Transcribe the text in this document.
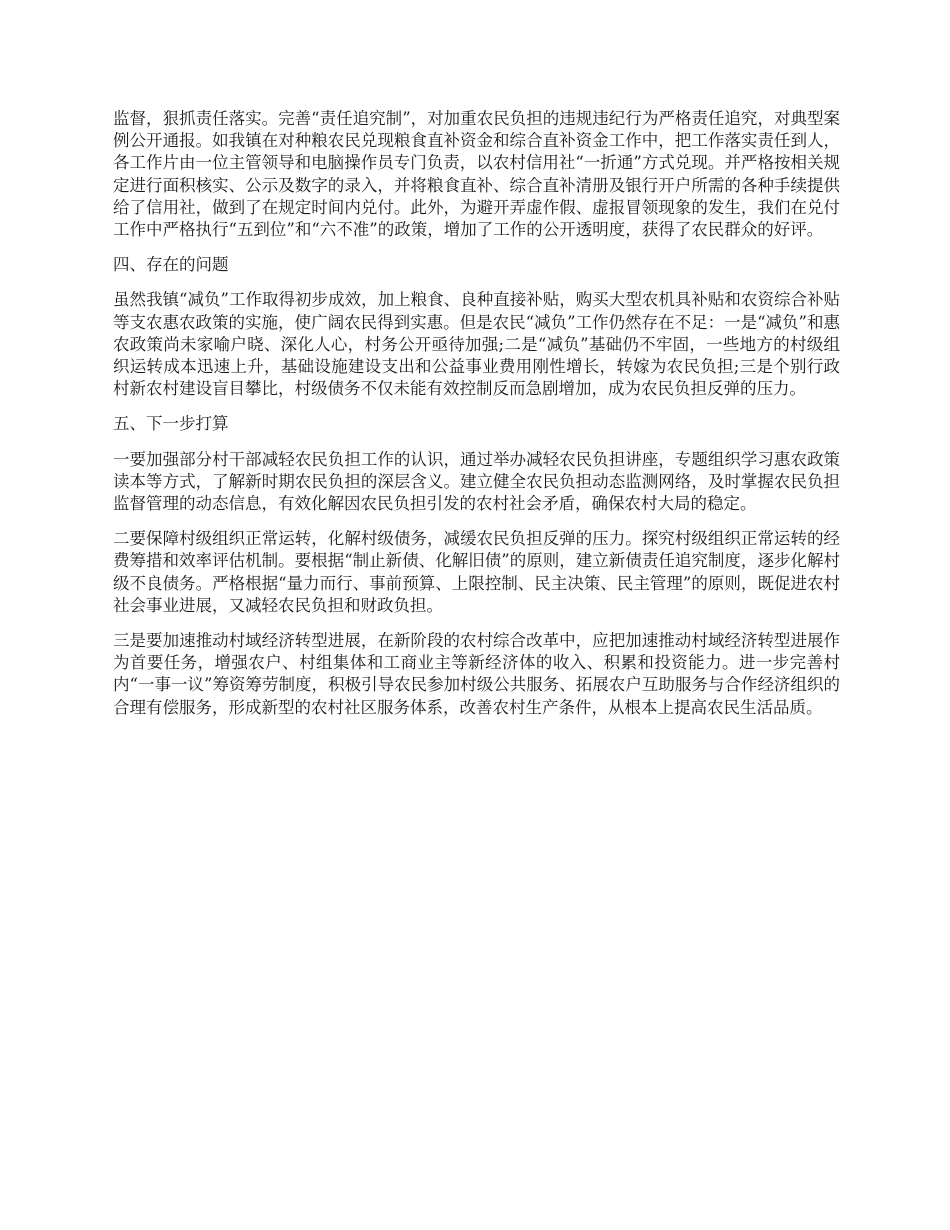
监督，狠抓责任落实。完善“责任追究制”，对加重农民负担的违规违纪行为严格责任追究，对典型案例公开通报。如我镇在对种粮农民兑现粮食直补资金和综合直补资金工作中，把工作落实责任到人，各工作片由一位主管领导和电脑操作员专门负责，以农村信用社“一折通”方式兑现。并严格按相关规定进行面积核实、公示及数字的录入，并将粮食直补、综合直补清册及银行开户所需的各种手续提供给了信用社，做到了在规定时间内兑付。此外，为避开弄虚作假、虚报冒领现象的发生，我们在兑付工作中严格执行“五到位”和“六不准”的政策，增加了工作的公开透明度，获得了农民群众的好评。

四、存在的问题

虽然我镇“减负”工作取得初步成效，加上粮食、良种直接补贴，购买大型农机具补贴和农资综合补贴等支农惠农政策的实施，使广阔农民得到实惠。但是农民“减负”工作仍然存在不足：一是“减负”和惠农政策尚未家喻户晓、深化人心，村务公开亟待加强;二是“减负”基础仍不牢固，一些地方的村级组织运转成本迅速上升，基础设施建设支出和公益事业费用刚性增长，转嫁为农民负担;三是个别行政村新农村建设盲目攀比，村级债务不仅未能有效控制反而急剧增加，成为农民负担反弹的压力。

五、下一步打算

一要加强部分村干部减轻农民负担工作的认识，通过举办减轻农民负担讲座，专题组织学习惠农政策读本等方式，了解新时期农民负担的深层含义。建立健全农民负担动态监测网络，及时掌握农民负担监督管理的动态信息，有效化解因农民负担引发的农村社会矛盾，确保农村大局的稳定。

二要保障村级组织正常运转，化解村级债务，减缓农民负担反弹的压力。探究村级组织正常运转的经费筹措和效率评估机制。要根据“制止新债、化解旧债”的原则，建立新债责任追究制度，逐步化解村级不良债务。严格根据“量力而行、事前预算、上限控制、民主决策、民主管理”的原则，既促进农村社会事业进展，又减轻农民负担和财政负担。

三是要加速推动村域经济转型进展，在新阶段的农村综合改革中，应把加速推动村域经济转型进展作为首要任务，增强农户、村组集体和工商业主等新经济体的收入、积累和投资能力。进一步完善村内“一事一议”筹资筹劳制度，积极引导农民参加村级公共服务、拓展农户互助服务与合作经济组织的合理有偿服务，形成新型的农村社区服务体系，改善农村生产条件，从根本上提高农民生活品质。
